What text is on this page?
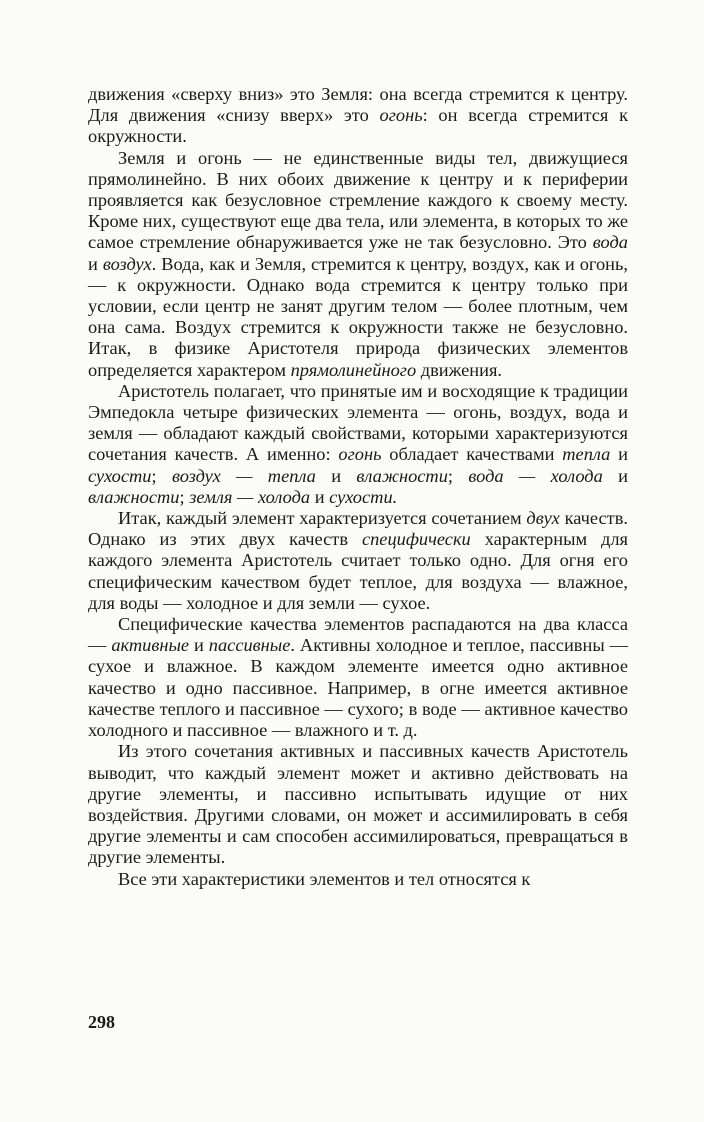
движения «сверху вниз» это Земля: она всегда стремится к центру. Для движения «снизу вверх» это огонь: он всегда стремится к окружности.

Земля и огонь — не единственные виды тел, движущиеся прямолинейно. В них обоих движение к центру и к периферии проявляется как безусловное стремление каждого к своему месту. Кроме них, существуют еще два тела, или элемента, в которых то же самое стремление обнаруживается уже не так безусловно. Это вода и воздух. Вода, как и Земля, стремится к центру, воздух, как и огонь,— к окружности. Однако вода стремится к центру только при условии, если центр не занят другим телом — более плотным, чем она сама. Воздух стремится к окружности также не безусловно. Итак, в физике Аристотеля природа физических элементов определяется характером прямолинейного движения.

Аристотель полагает, что принятые им и восходящие к традиции Эмпедокла четыре физических элемента — огонь, воздух, вода и земля — обладают каждый свойствами, которыми характеризуются сочетания качеств. А именно: огонь обладает качествами тепла и сухости; воздух — тепла и влажности; вода — холода и влажности; земля — холода и сухости.

Итак, каждый элемент характеризуется сочетанием двух качеств. Однако из этих двух качеств специфически характерным для каждого элемента Аристотель считает только одно. Для огня его специфическим качеством будет теплое, для воздуха — влажное, для воды — холодное и для земли — сухое.

Специфические качества элементов распадаются на два класса — активные и пассивные. Активны холодное и теплое, пассивны — сухое и влажное. В каждом элементе имеется одно активное качество и одно пассивное. Например, в огне имеется активное качестве теплого и пассивное — сухого; в воде — активное качество холодного и пассивное — влажного и т. д.

Из этого сочетания активных и пассивных качеств Аристотель выводит, что каждый элемент может и активно действовать на другие элементы, и пассивно испытывать идущие от них воздействия. Другими словами, он может и ассимилировать в себя другие элементы и сам способен ассимилироваться, превращаться в другие элементы.

Все эти характеристики элементов и тел относятся к

298
